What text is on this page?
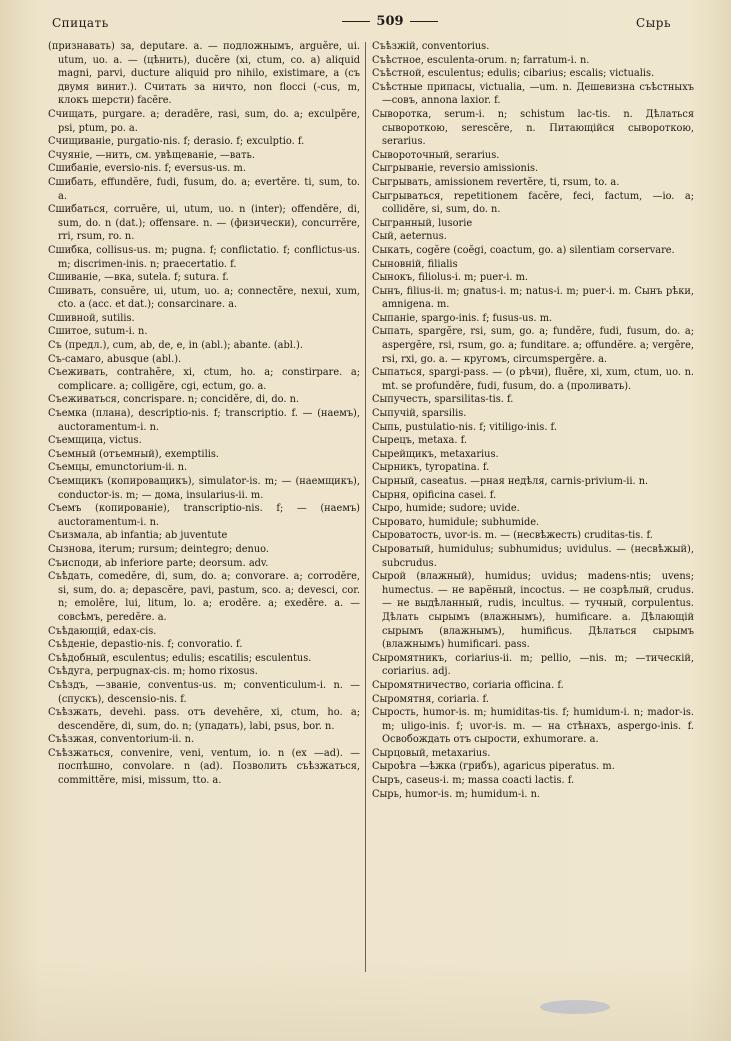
Спицать	509	Сырь

(признавать) за, deputare. a. — подложнымъ, arguĕre, ui. utum, uo. a. — (цѣнить), ducĕre (xi, ctum, co. a) aliquid magni, parvi, ducture aliquid pro nihilo, existimare, a (съ двумя винит.). Считать за ничто, non flocci (-cus, m, клокъ шерсти) facĕre.

Счищать, purgare. a; deradĕre, rasi, sum, do. a; exculpĕre, psi, ptum, po. a.

Счищиваніе, purgatio-nis. f; derasio. f; exculptio. f.

Счуяніе, —нить, см. увѣщеваніе, —вать.

Сшибаніе, eversio-nis. f; eversus-us. m.

Сшибать, effundĕre, fudi, fusum, do. a; evertĕre. ti, sum, to. a.

Сшибаться, corruĕre, ui, utum, uo. n (inter); offendĕre, di, sum, do. n (dat.); offensare. n. — (физически), concurrĕre, rri, rsum, ro. n.

Сшибка, collisus-us. m; pugna. f; conflictatio. f; conflictus-us. m; discrimen-inis. n; praecertatio. f.

Сшиваніе, —вка, sutela. f; sutura. f.

Сшивать, consuĕre, ui, utum, uo. a; connectĕre, nexui, xum, cto. a (acc. et dat.); consarcinare. a.

Сшивной, sutilis.

Сшитое, sutum-i. n.

Съ (предл.), cum, ab, de, e, in (abl.); abante. (abl.).

Съ-самаго, abusque (abl.).

Съеживать, contrahĕre, xi, ctum, ho. a; constirpare. a; complicare. a; colligĕre, cgi, ectum, go. a.

Съеживаться, concrispare. n; concidĕre, di, do. n.

Съемка (плана), descriptio-nis. f; transcriptio. f. — (наемъ), auctoramentum-i. n.

Съемщица, victus.

Съемный (отъемный), exemptilis.

Съемцы, emunctorium-ii. n.

Съемщикъ (копироващикъ), simulator-is. m; — (наемщикъ), conductor-is. m; — дома, insularius-ii. m.

Съемъ (копированіе), transcriptio-nis. f; — (наемъ) auctoramentum-i. n.

Съизмала, ab infantia; ab juventute

Сызнова, iterum; rursum; deintegro; denuo.

Съисподи, ab inferiore parte; deorsum. adv.

Съѣдать, comedĕre, di, sum, do. a; convorare. a; corrodĕre, si, sum, do. a; depascĕre, pavi, pastum, sco. a; devesci, cor. n; emolĕre, lui, litum, lo. a; erodĕre. a; exedĕre. a. — совсѣмъ, peredĕre. a.

Съѣдающій, edax-cis.

Съѣденіе, depastio-nis. f; convoratio. f.

Съѣдобный, esculentus; edulis; escatilis; esculentus.

Съѣдуга, perpugnax-cis. m; homo rixosus.

Съѣздъ, —званіе, conventus-us. m; conventiculum-i. n. — (спускъ), descensio-nis. f.

Съѣзжать, devehi. pass. отъ devehĕre, xi, ctum, ho. a; descendĕre, di, sum, do. n; (упадать), labi, psus, bor. n.

Съѣзжая, conventorium-ii. n.

Съѣзжаться, convenire, veni, ventum, io. n (ex —ad). — поспѣшно, convolare. n (ad). Позволить съѣзжаться, committĕre, misi, missum, tto. a.

Съѣзжій, conventorius.

Съѣстное, esculenta-orum. n; farratum-i. n.

Съѣстной, esculentus; edulis; cibarius; escalis; victualis.

Съѣстные припасы, victualia, —um. n. Дешевизна съѣстныхъ —совъ, annona laxior. f.

Сыворотка, serum-i. n; schistum lac-tis. n. Дѣлаться сывороткою, serescĕre, n. Питающійся сывороткою, serarius.

Сывороточный, serarius.

Сыгрываніе, reversio amissionis.

Сыгрывать, amissionem revertĕre, ti, rsum, to. a.

Сыгрываться, repetitionem facĕre, feci, factum, —io. a; collidĕre, si, sum, do. n.

Сыгранный, lusorie

Сый, aeternus.

Сыкать, cogĕre (coĕgi, coactum, go. a) silentiam corservare.

Сыновній, filialis

Сынокъ, filiolus-i. m; puer-i. m.

Сынъ, filius-ii. m; gnatus-i. m; natus-i. m; puer-i. m. Сынъ рѣки, amnigena. m.

Сыпаніе, spargo-inis. f; fusus-us. m.

Сыпать, spargĕre, rsi, sum, go. a; fundĕre, fudi, fusum, do. a; aspergĕre, rsi, rsum, go. a; funditare. a; offundĕre. a; vergĕre, rsi, rxi, go. a. — кругомъ, circumspergĕre. a.

Сыпаться, spargi-pass. — (о рѣчи), fluĕre, xi, xum, ctum, uo. n. mt. se profundĕre, fudi, fusum, do. a (проливать).

Сыпучесть, sparsilitas-tis. f.

Сыпучій, sparsilis.

Сыпь, pustulatio-nis. f; vitiligo-inis. f.

Сырецъ, metaxa. f.

Сырейщикъ, metaxarius.

Сырникъ, tyropatina. f.

Сырный, caseatus. —рная недѣля, carnis-privium-ii. n.

Сырня, opificina casei. f.

Сыро, humide; sudore; uvide.

Сыроватo, humidule; subhumide.

Сыроватость, uvor-is. m. — (несвѣжесть) cruditas-tis. f.

Сыроватый, humidulus; subhumidus; uvidulus. — (несвѣжый), subcrudus.

Сырой (влажный), humidus; uvidus; madens-ntis; uvens; humectus. — не варёный, incoctus. — не созрѣлый, crudus. — не выдѣланный, rudis, incultus. — тучный, corpulentus. Дѣлать сырымъ (влажнымъ), humificare. a. Дѣлающій сырымъ (влажнымъ), humificus. Дѣлаться сырымъ (влажнымъ) humificari. pass.

Сыромятникъ, coriarius-ii. m; pellio, —nis. m; —тическій, coriarius. adj.

Сыромятничество, coriaria officina. f.

Сыромятня, coriaria. f.

Сырость, humor-is. m; humiditas-tis. f; humidum-i. n; mador-is. m; uligo-inis. f; uvor-is. m. — на стѣнахъ, aspergo-inis. f. Освобождать отъ сырости, exhumorare. a.

Сырцовый, metaxarius.

Сыроѣга —ѣжка (грибъ), agaricus piperatus. m.

Сыръ, caseus-i. m; massa coacti lactis. f.

Сырь, humor-is. m; humidum-i. n.
